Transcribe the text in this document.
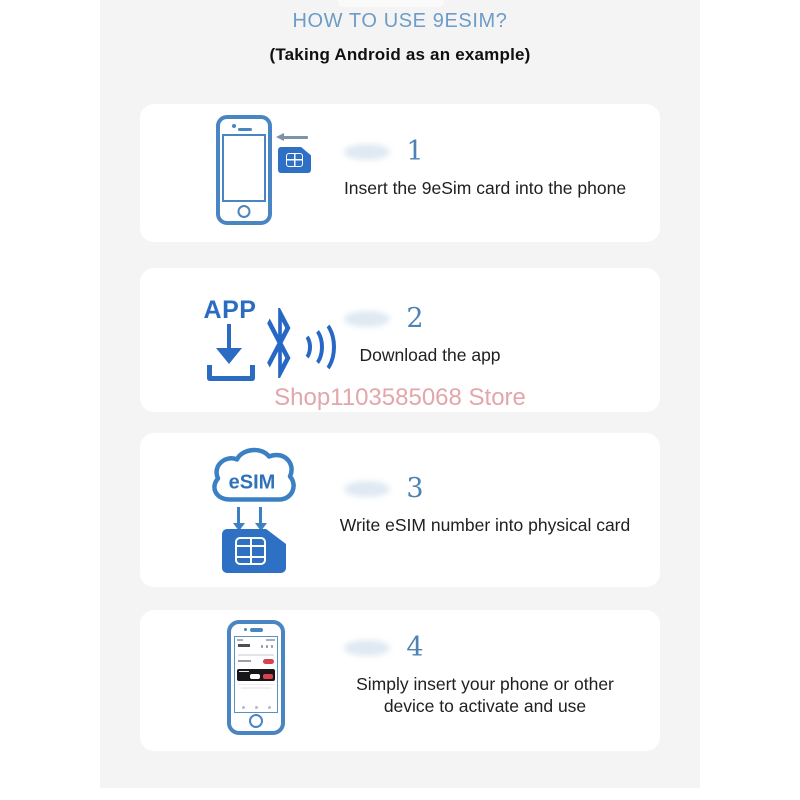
HOW TO USE 9ESIM?
(Taking Android as an example)
1
Insert the 9eSim card into the phone
APP	2
Download the app
Shop1103585068 Store
eSIM	3
Write eSIM number into physical card
4
Simply insert your phone or other device to activate and use
